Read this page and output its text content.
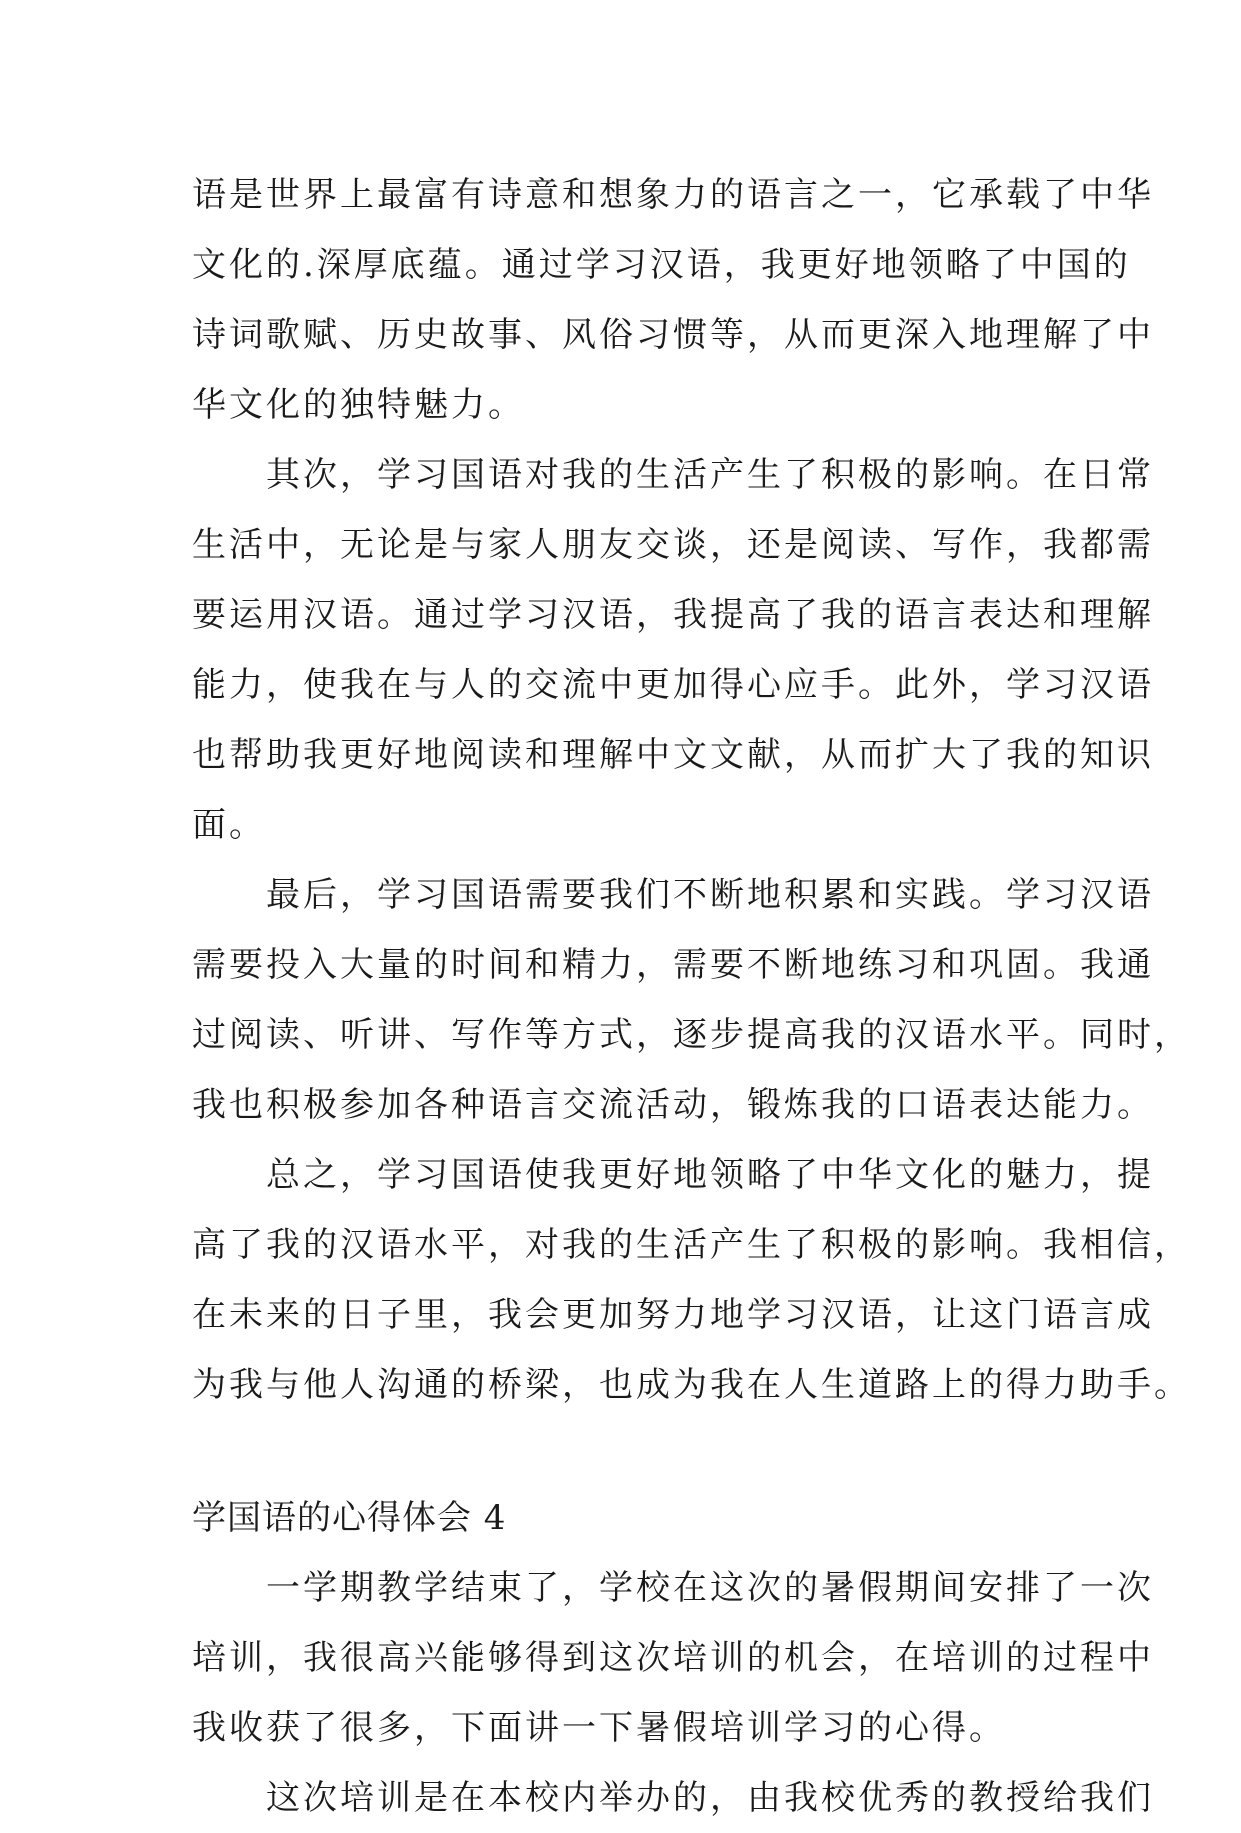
语是世界上最富有诗意和想象力的语言之一，它承载了中华
文化的.深厚底蕴。通过学习汉语，我更好地领略了中国的
诗词歌赋、历史故事、风俗习惯等，从而更深入地理解了中
华文化的独特魅力。
　　其次，学习国语对我的生活产生了积极的影响。在日常
生活中，无论是与家人朋友交谈，还是阅读、写作，我都需
要运用汉语。通过学习汉语，我提高了我的语言表达和理解
能力，使我在与人的交流中更加得心应手。此外，学习汉语
也帮助我更好地阅读和理解中文文献，从而扩大了我的知识
面。
　　最后，学习国语需要我们不断地积累和实践。学习汉语
需要投入大量的时间和精力，需要不断地练习和巩固。我通
过阅读、听讲、写作等方式，逐步提高我的汉语水平。同时，
我也积极参加各种语言交流活动，锻炼我的口语表达能力。
　　总之，学习国语使我更好地领略了中华文化的魅力，提
高了我的汉语水平，对我的生活产生了积极的影响。我相信，
在未来的日子里，我会更加努力地学习汉语，让这门语言成
为我与他人沟通的桥梁，也成为我在人生道路上的得力助手。
学国语的心得体会 4
　　一学期教学结束了，学校在这次的暑假期间安排了一次
培训，我很高兴能够得到这次培训的机会，在培训的过程中
我收获了很多，下面讲一下暑假培训学习的心得。
　　这次培训是在本校内举办的，由我校优秀的教授给我们
